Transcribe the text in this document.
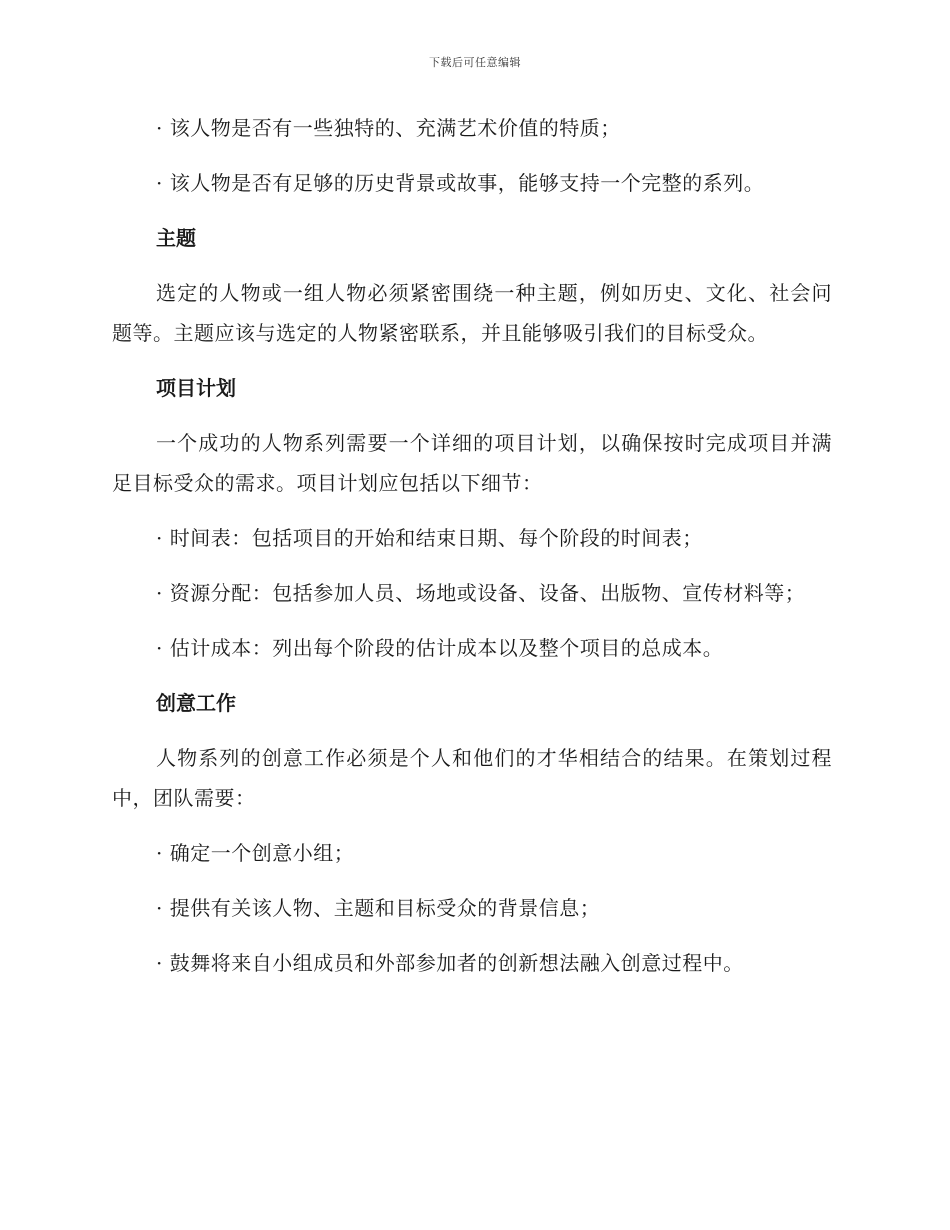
下载后可任意编辑

· 该人物是否有一些独特的、充满艺术价值的特质；

· 该人物是否有足够的历史背景或故事，能够支持一个完整的系列。

主题

选定的人物或一组人物必须紧密围绕一种主题，例如历史、文化、社会问题等。主题应该与选定的人物紧密联系，并且能够吸引我们的目标受众。

项目计划

一个成功的人物系列需要一个详细的项目计划，以确保按时完成项目并满足目标受众的需求。项目计划应包括以下细节：

· 时间表：包括项目的开始和结束日期、每个阶段的时间表；

· 资源分配：包括参加人员、场地或设备、设备、出版物、宣传材料等；

· 估计成本：列出每个阶段的估计成本以及整个项目的总成本。

创意工作

人物系列的创意工作必须是个人和他们的才华相结合的结果。在策划过程中，团队需要：

· 确定一个创意小组；

· 提供有关该人物、主题和目标受众的背景信息；

· 鼓舞将来自小组成员和外部参加者的创新想法融入创意过程中。
